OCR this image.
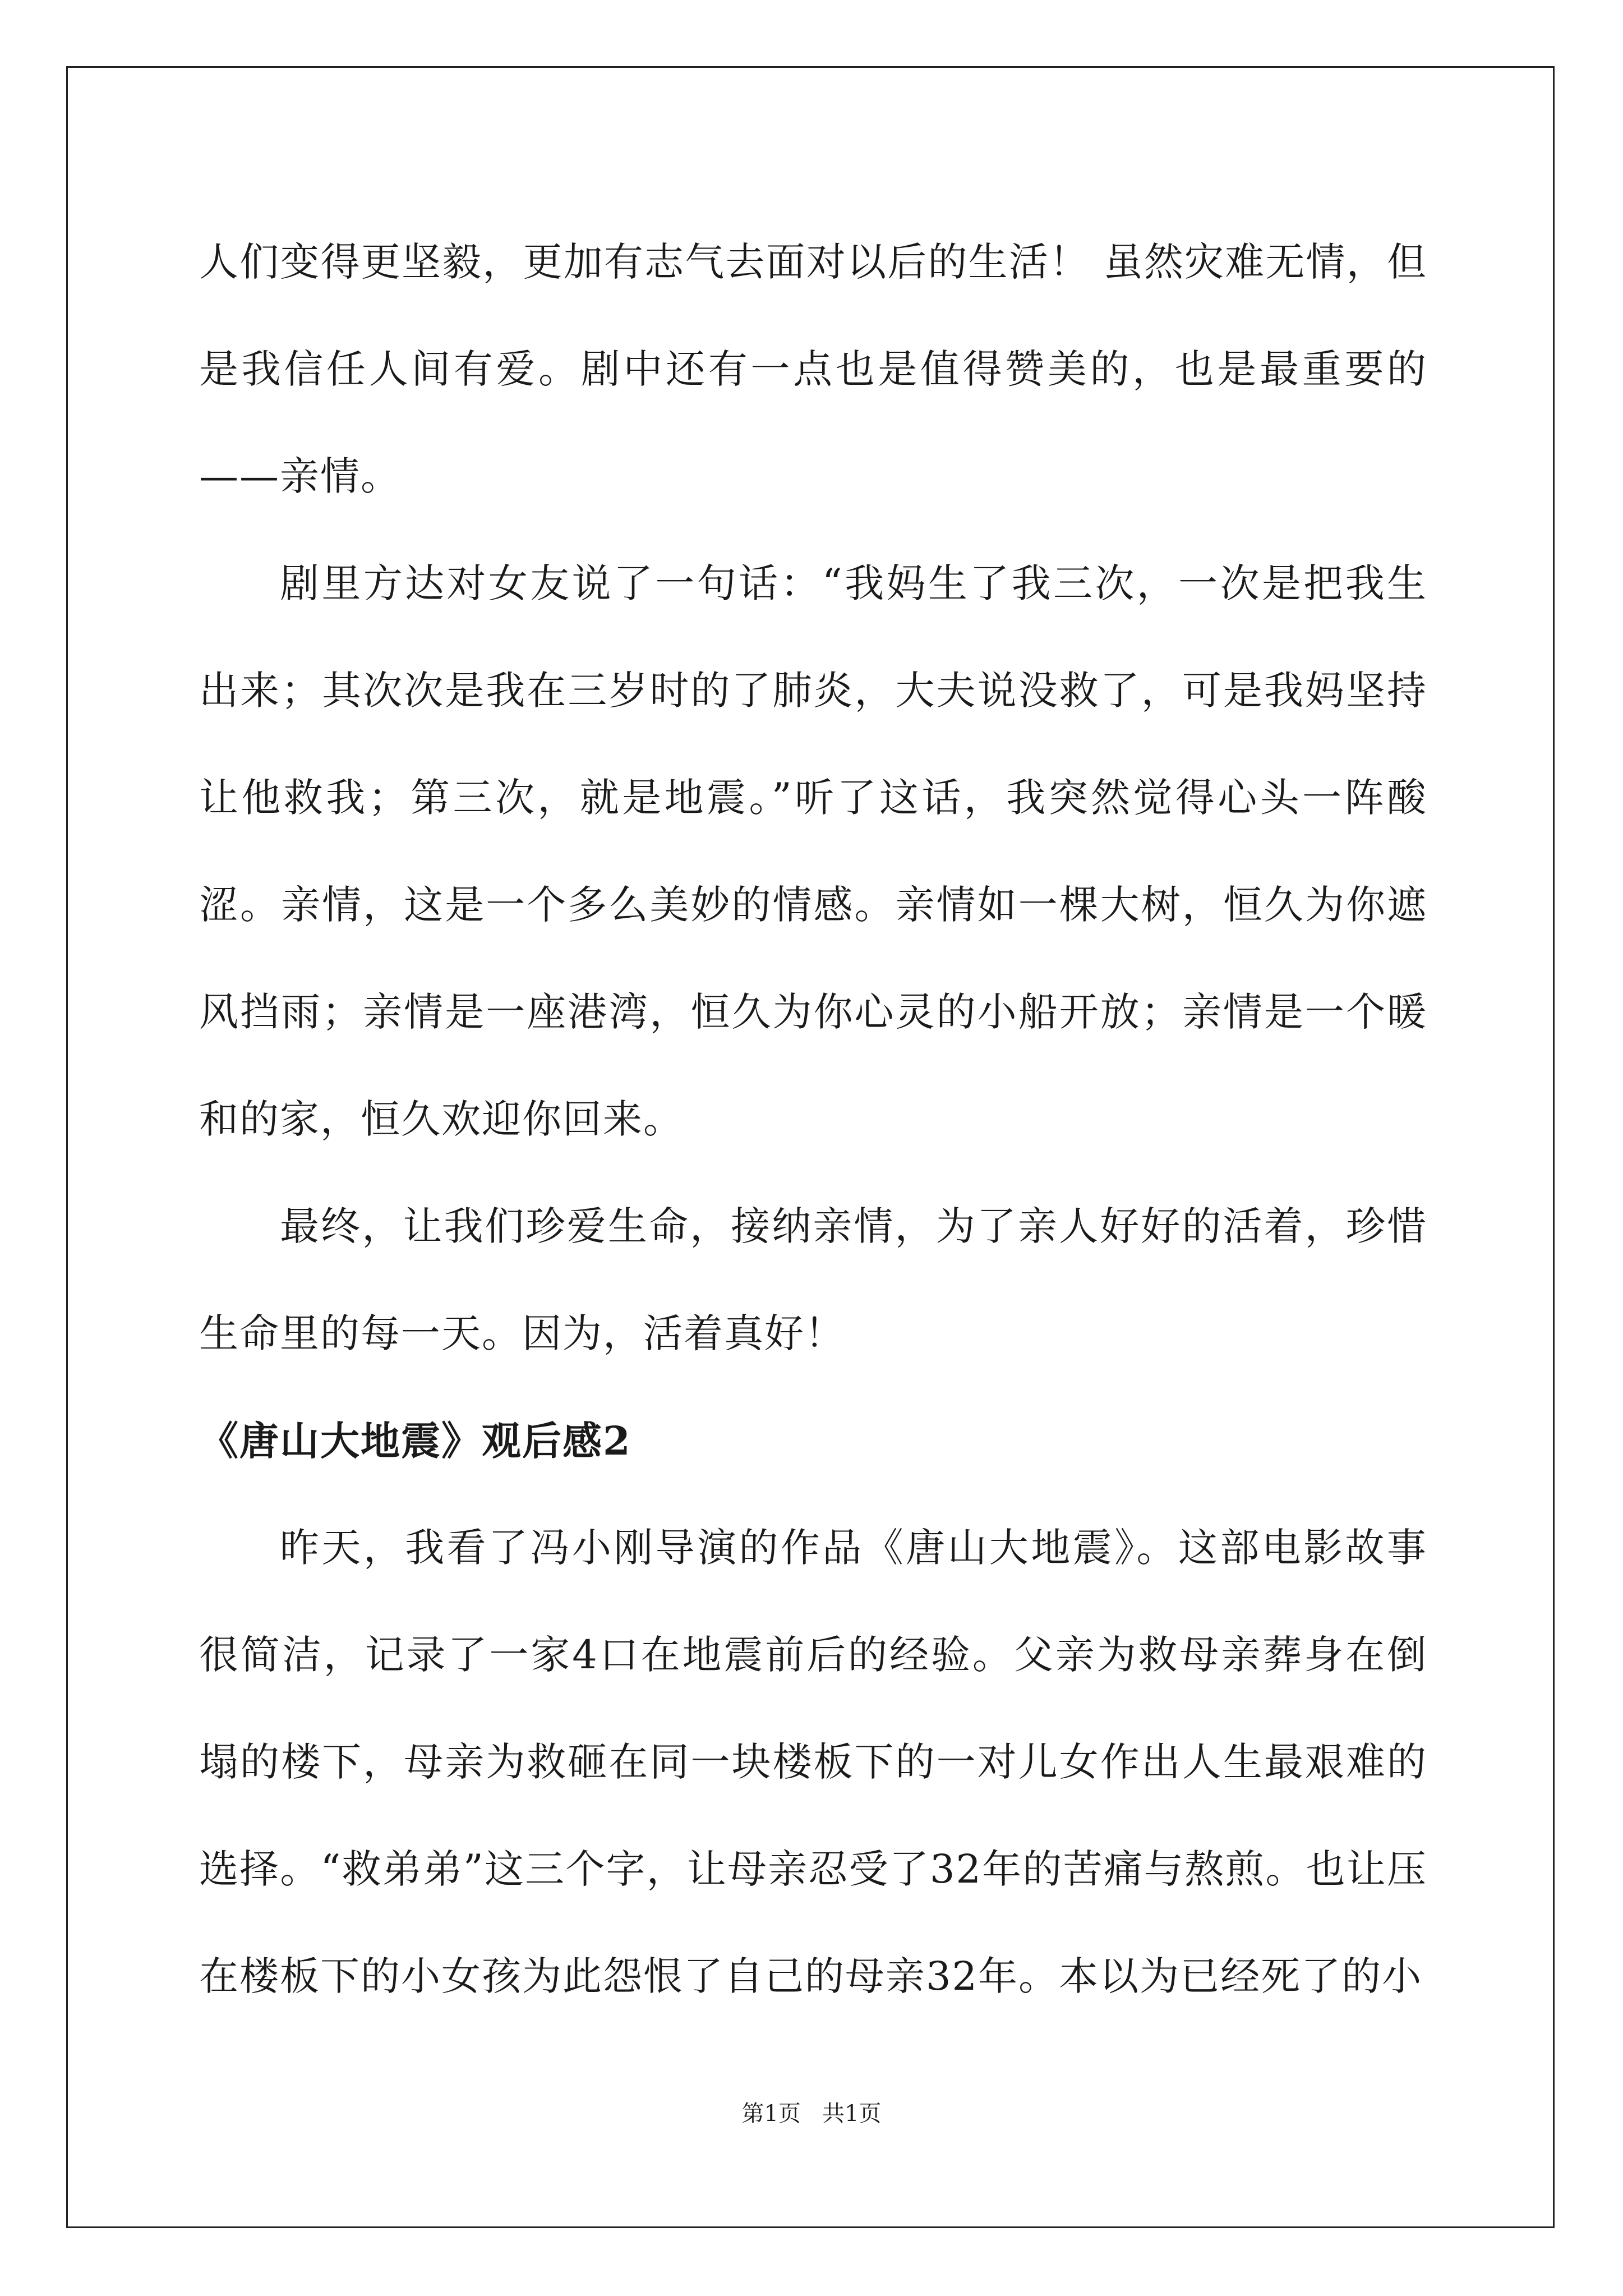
人们变得更坚毅，更加有志气去面对以后的生活！ 虽然灾难无情，但是我信任人间有爱。剧中还有一点也是值得赞美的，也是最重要的——亲情。

剧里方达对女友说了一句话：“我妈生了我三次，一次是把我生出来；其次次是我在三岁时的了肺炎，大夫说没救了，可是我妈坚持让他救我；第三次，就是地震。”听了这话，我突然觉得心头一阵酸涩。亲情，这是一个多么美妙的情感。亲情如一棵大树，恒久为你遮风挡雨；亲情是一座港湾，恒久为你心灵的小船开放；亲情是一个暖和的家，恒久欢迎你回来。

最终，让我们珍爱生命，接纳亲情，为了亲人好好的活着，珍惜生命里的每一天。因为，活着真好！

《唐山大地震》观后感2

昨天，我看了冯小刚导演的作品《唐山大地震》。这部电影故事很简洁，记录了一家4口在地震前后的经验。父亲为救母亲葬身在倒塌的楼下，母亲为救砸在同一块楼板下的一对儿女作出人生最艰难的选择。“救弟弟”这三个字，让母亲忍受了32年的苦痛与熬煎。也让压在楼板下的小女孩为此怨恨了自己的母亲32年。本以为已经死了的小

第1页   共1页
